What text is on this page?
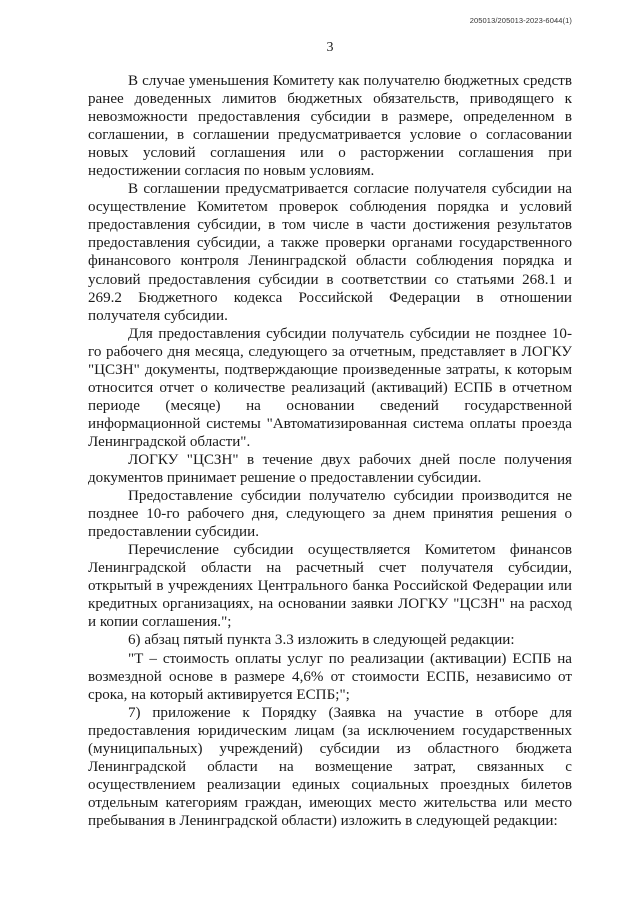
205013/205013-2023-6044(1)
3

В случае уменьшения Комитету как получателю бюджетных средств ранее доведенных лимитов бюджетных обязательств, приводящего к невозможности предоставления субсидии в размере, определенном в соглашении, в соглашении предусматривается условие о согласовании новых условий соглашения или о расторжении соглашения при недостижении согласия по новым условиям.

В соглашении предусматривается согласие получателя субсидии на осуществление Комитетом проверок соблюдения порядка и условий предоставления субсидии, в том числе в части достижения результатов предоставления субсидии, а также проверки органами государственного финансового контроля Ленинградской области соблюдения порядка и условий предоставления субсидии в соответствии со статьями 268.1 и 269.2 Бюджетного кодекса Российской Федерации в отношении получателя субсидии.

Для предоставления субсидии получатель субсидии не позднее 10-го рабочего дня месяца, следующего за отчетным, представляет в ЛОГКУ "ЦСЗН" документы, подтверждающие произведенные затраты, к которым относится отчет о количестве реализаций (активаций) ЕСПБ в отчетном периоде (месяце) на основании сведений государственной информационной системы "Автоматизированная система оплаты проезда Ленинградской области".

ЛОГКУ "ЦСЗН" в течение двух рабочих дней после получения документов принимает решение о предоставлении субсидии.

Предоставление субсидии получателю субсидии производится не позднее 10-го рабочего дня, следующего за днем принятия решения о предоставлении субсидии.

Перечисление субсидии осуществляется Комитетом финансов Ленинградской области на расчетный счет получателя субсидии, открытый в учреждениях Центрального банка Российской Федерации или кредитных организациях, на основании заявки ЛОГКУ "ЦСЗН" на расход и копии соглашения.";

6) абзац пятый пункта 3.3 изложить в следующей редакции:

"Т – стоимость оплаты услуг по реализации (активации) ЕСПБ на возмездной основе в размере 4,6% от стоимости ЕСПБ, независимо от срока, на который активируется ЕСПБ;";

7) приложение к Порядку (Заявка на участие в отборе для предоставления юридическим лицам (за исключением государственных (муниципальных) учреждений) субсидии из областного бюджета Ленинградской области на возмещение затрат, связанных с осуществлением реализации единых социальных проездных билетов отдельным категориям граждан, имеющих место жительства или место пребывания в Ленинградской области) изложить в следующей редакции:
